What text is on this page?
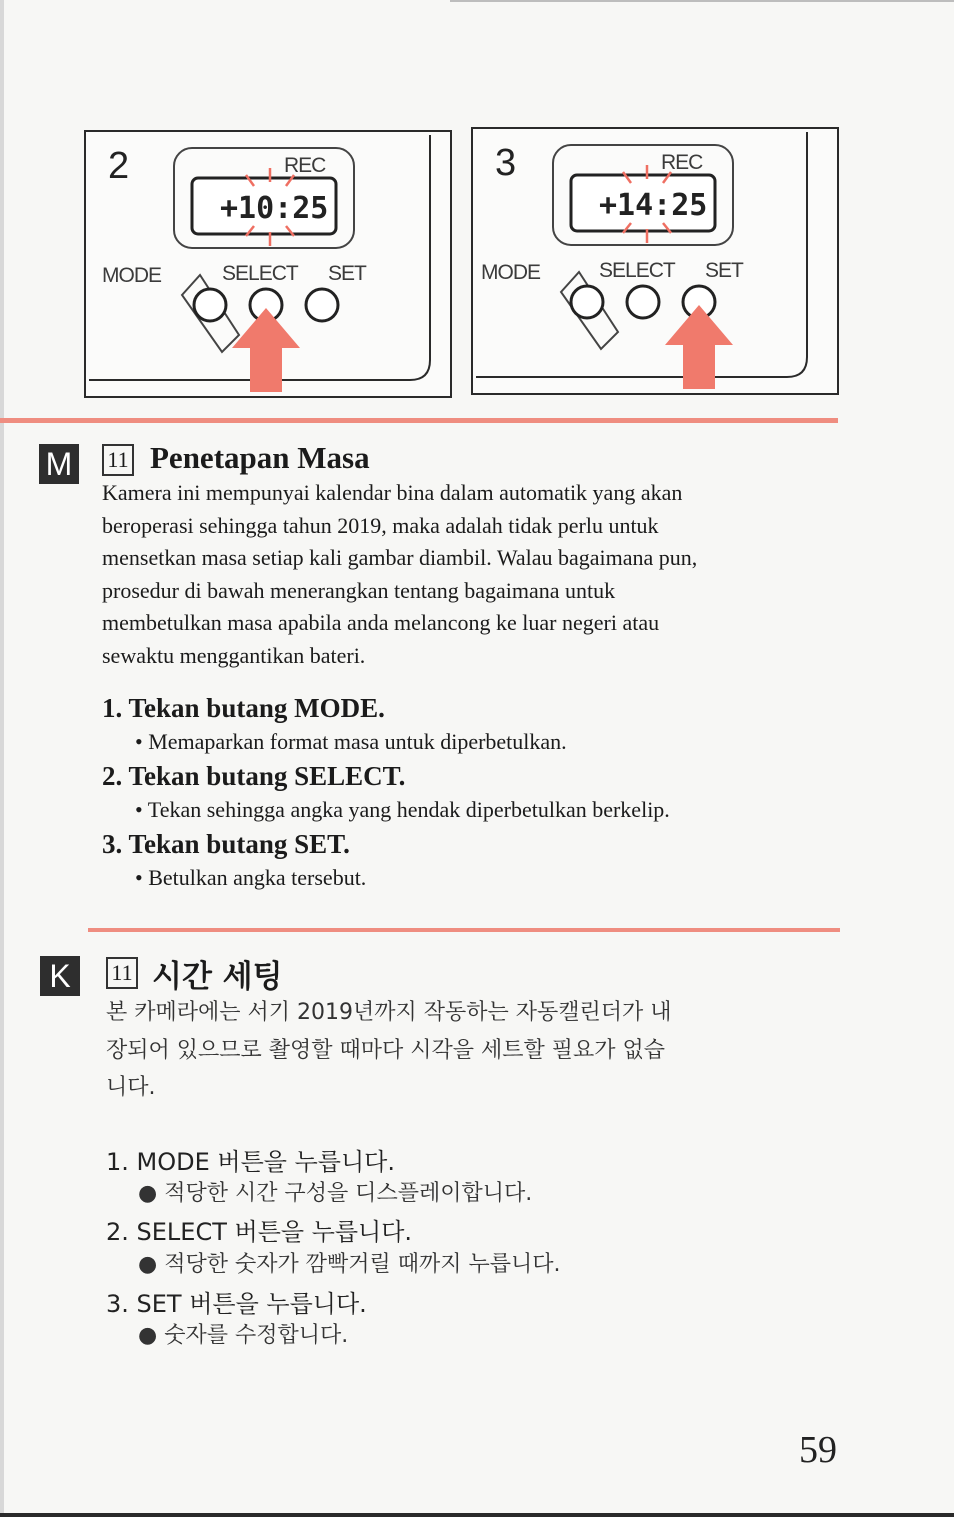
2	REC
+10:25
MODE	SELECT SET
3	REC
+14:25
MODE	SELECT SET
M	11 Penetapan Masa
Kamera ini mempunyai kalendar bina dalam automatik yang akan
beroperasi sehingga tahun 2019, maka adalah tidak perlu untuk
mensetkan masa setiap kali gambar diambil. Walau bagaimana pun,
prosedur di bawah menerangkan tentang bagaimana untuk
membetulkan masa apabila anda melancong ke luar negeri atau
sewaktu menggantikan bateri.
1. Tekan butang MODE.
• Memaparkan format masa untuk diperbetulkan.
2. Tekan butang SELECT.
• Tekan sehingga angka yang hendak diperbetulkan berkelip.
3. Tekan butang SET.
• Betulkan angka tersebut.
K	11 시간 세팅
본 카메라에는 서기 2019년까지 작동하는 자동캘린더가 내
장되어 있으므로 촬영할 때마다 시각을 세트할 필요가 없습
니다.
1. MODE 버튼을 누릅니다.
● 적당한 시간 구성을 디스플레이합니다.
2. SELECT 버튼을 누릅니다.
● 적당한 숫자가 깜빡거릴 때까지 누릅니다.
3. SET 버튼을 누릅니다.
● 숫자를 수정합니다.
59
